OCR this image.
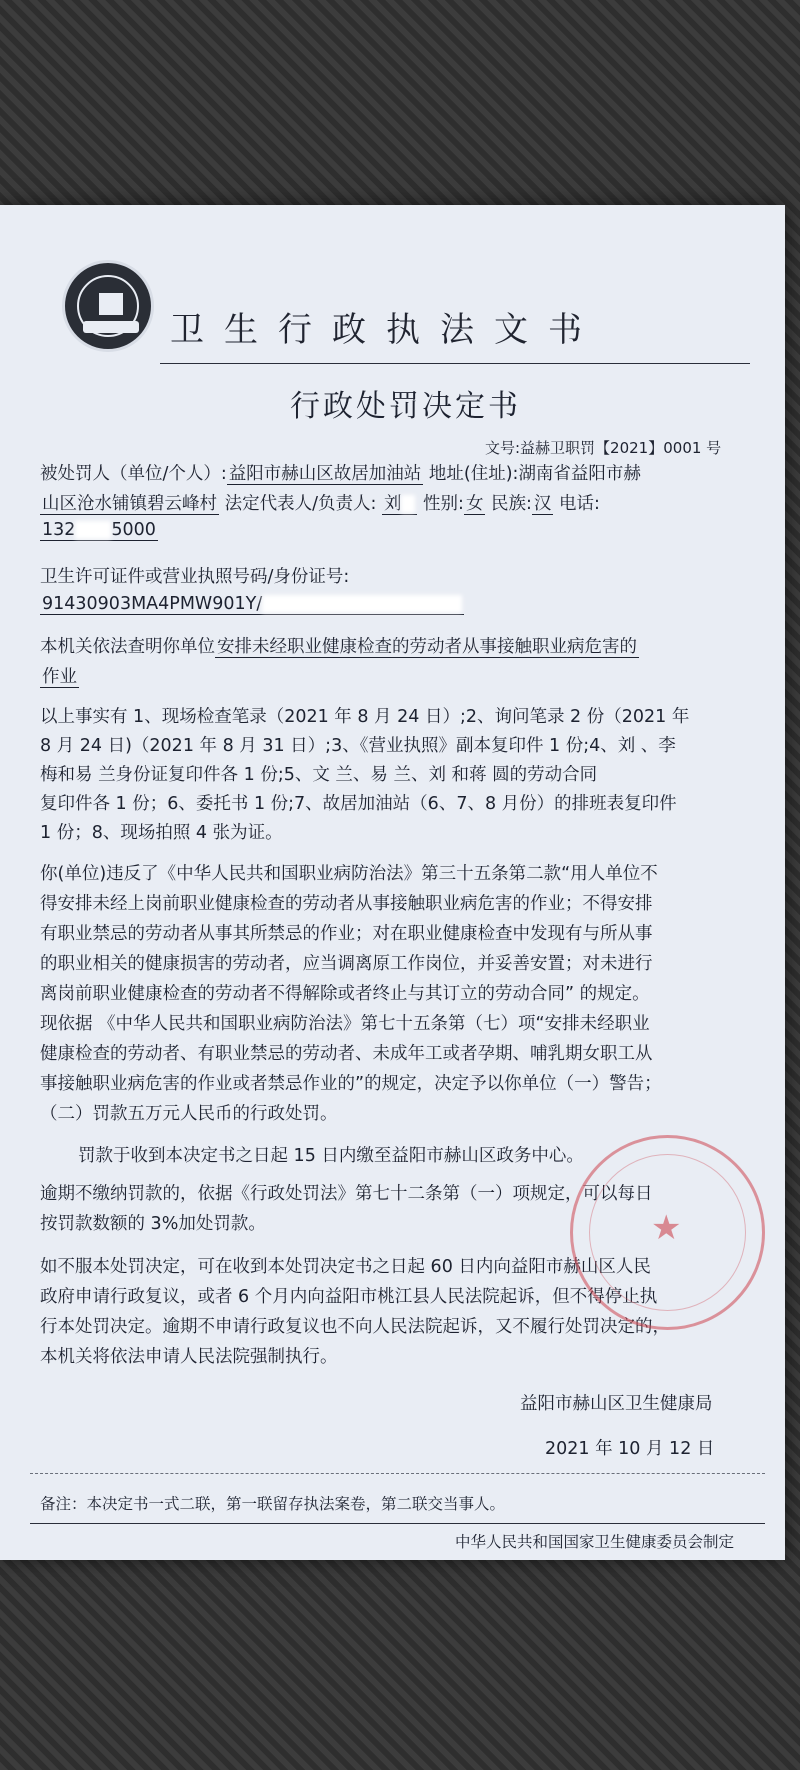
卫生行政执法文书
行政处罚决定书
文号:益赫卫职罚【2021】0001 号
被处罚人（单位/个人）: 益阳市赫山区故居加油站 地址(住址):湖南省益阳市赫
山区沧水铺镇碧云峰村 法定代表人/负责人: 刘 性别: 女 民族: 汉 电话:
132 5000
卫生许可证件或营业执照号码/身份证号:
91430903MA4PMW901Y/
本机关依法查明你单位 安排未经职业健康检查的劳动者从事接触职业病危害的
作业
以上事实有 1、现场检查笔录（2021 年 8 月 24 日）;2、询问笔录 2 份（2021 年
8 月 24 日)（2021 年 8 月 31 日）;3、《营业执照》副本复印件 1 份;4、刘 、李
梅和易 兰身份证复印件各 1 份;5、文 兰、易 兰、刘 和蒋 圆的劳动合同
复印件各 1 份；6、委托书 1 份;7、故居加油站（6、7、8 月份）的排班表复印件
1 份；8、现场拍照 4 张为证。
你(单位)违反了《中华人民共和国职业病防治法》第三十五条第二款“用人单位不
得安排未经上岗前职业健康检查的劳动者从事接触职业病危害的作业；不得安排
有职业禁忌的劳动者从事其所禁忌的作业；对在职业健康检查中发现有与所从事
的职业相关的健康损害的劳动者，应当调离原工作岗位，并妥善安置；对未进行
离岗前职业健康检查的劳动者不得解除或者终止与其订立的劳动合同” 的规定。
现依据 《中华人民共和国职业病防治法》第七十五条第（七）项“安排未经职业
健康检查的劳动者、有职业禁忌的劳动者、未成年工或者孕期、哺乳期女职工从
事接触职业病危害的作业或者禁忌作业的”的规定，决定予以你单位（一）警告；
（二）罚款五万元人民币的行政处罚。
罚款于收到本决定书之日起 15 日内缴至益阳市赫山区政务中心。
逾期不缴纳罚款的，依据《行政处罚法》第七十二条第（一）项规定，可以每日
按罚款数额的 3%加处罚款。
如不服本处罚决定，可在收到本处罚决定书之日起 60 日内向益阳市赫山区人民
政府申请行政复议，或者 6 个月内向益阳市桃江县人民法院起诉，但不得停止执
行本处罚决定。逾期不申请行政复议也不向人民法院起诉，又不履行处罚决定的，
本机关将依法申请人民法院强制执行。
★
益阳市赫山区卫生健康局
2021 年 10 月 12 日
备注：本决定书一式二联，第一联留存执法案卷，第二联交当事人。
中华人民共和国国家卫生健康委员会制定
